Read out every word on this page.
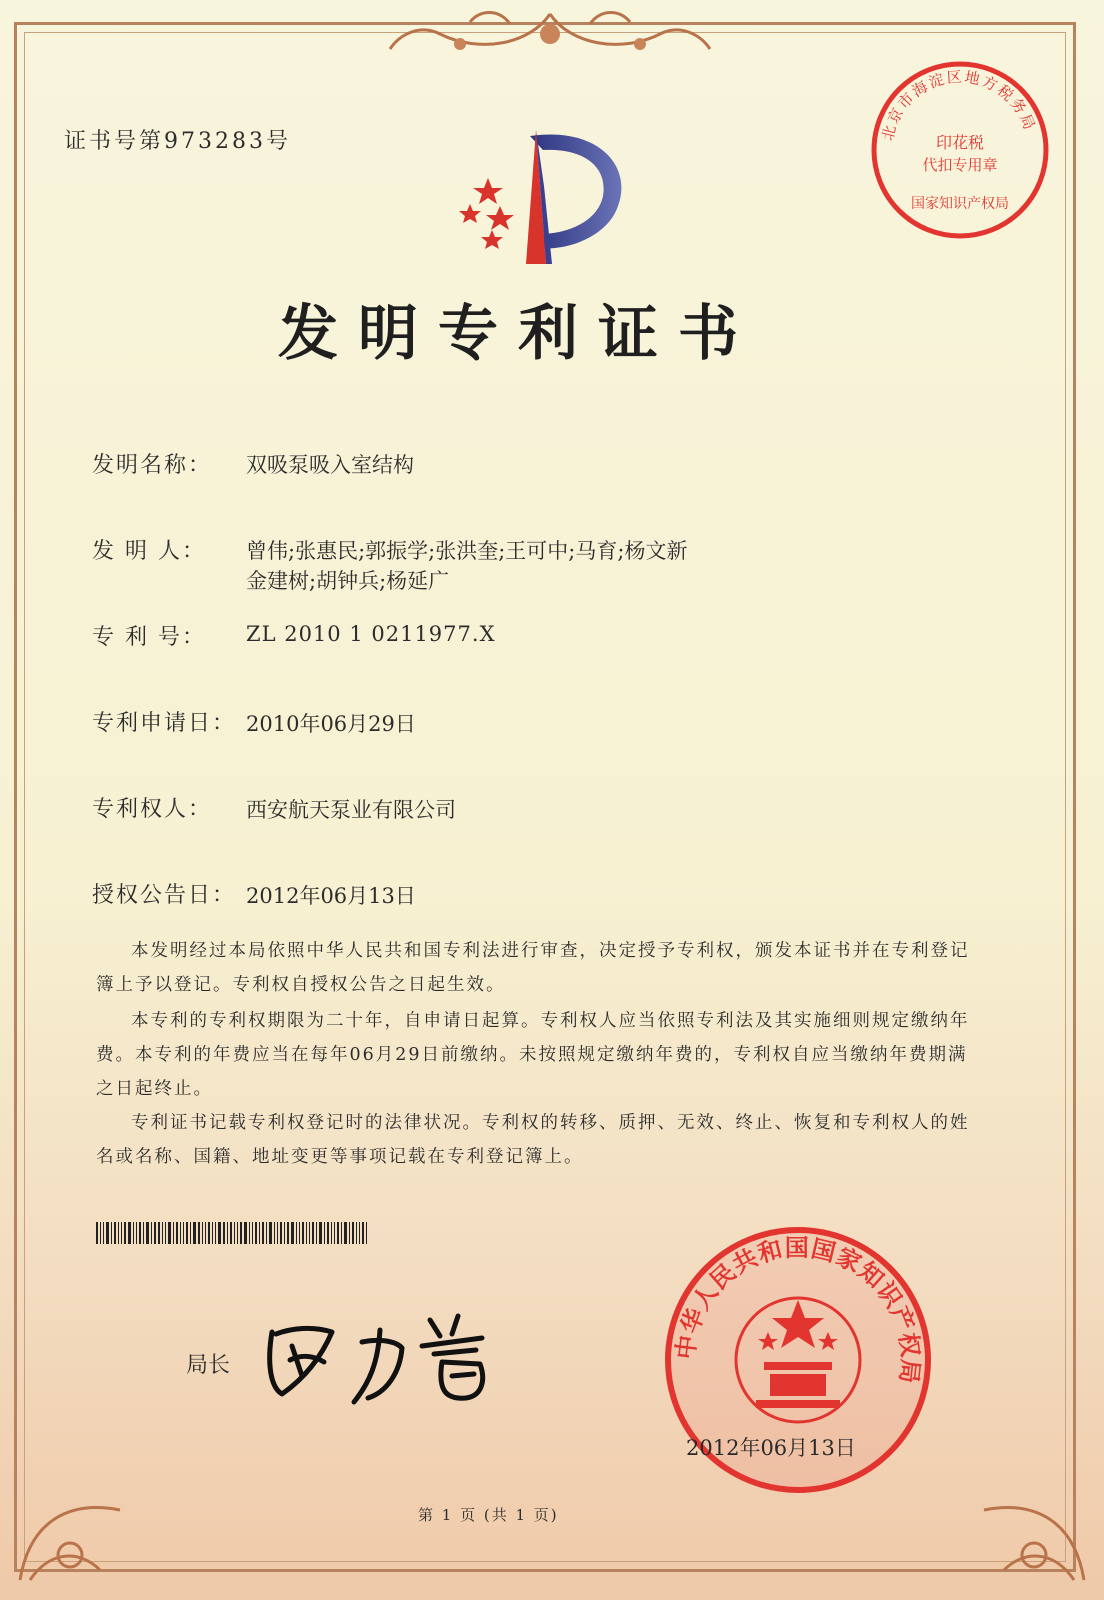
证书号第973283号	北京市海淀区地方税务局
印花税
代扣专用章
国家知识产权局

发明专利证书

发明名称： 双吸泵吸入室结构

发 明 人： 曾伟;张惠民;郭振学;张洪奎;王可中;马育;杨文新

金建树;胡钟兵;杨延广

专 利 号： ZL 2010 1 0211977.X

专利申请日： 2010年06月29日

专利权人： 西安航天泵业有限公司

授权公告日： 2012年06月13日

本发明经过本局依照中华人民共和国专利法进行审查，决定授予专利权，颁发本证书并在专利登记簿上予以登记。专利权自授权公告之日起生效。

本专利的专利权期限为二十年，自申请日起算。专利权人应当依照专利法及其实施细则规定缴纳年费。本专利的年费应当在每年06月29日前缴纳。未按照规定缴纳年费的，专利权自应当缴纳年费期满之日起终止。

专利证书记载专利权登记时的法律状况。专利权的转移、质押、无效、终止、恢复和专利权人的姓名或名称、国籍、地址变更等事项记载在专利登记簿上。

局长

中华人民共和国国家知识产权局

2012年06月13日

第 1 页 (共 1 页)
